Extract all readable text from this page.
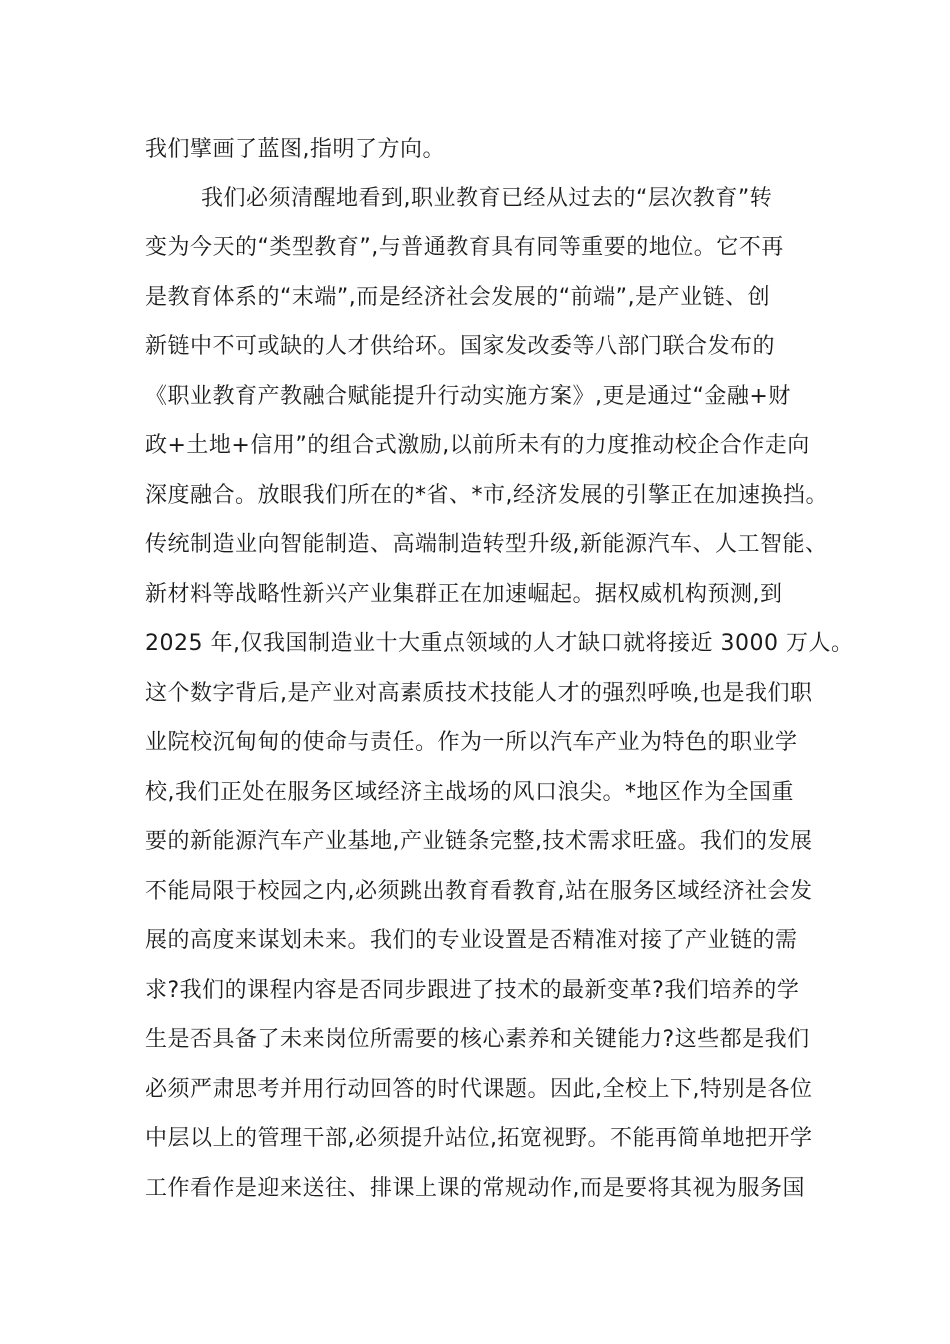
我们擘画了蓝图,指明了方向。

我们必须清醒地看到,职业教育已经从过去的“层次教育”转

变为今天的“类型教育”,与普通教育具有同等重要的地位。它不再

是教育体系的“末端”,而是经济社会发展的“前端”,是产业链、创

新链中不可或缺的人才供给环。国家发改委等八部门联合发布的

《职业教育产教融合赋能提升行动实施方案》,更是通过“金融+财

政+土地+信用”的组合式激励,以前所未有的力度推动校企合作走向

深度融合。放眼我们所在的*省、*市,经济发展的引擎正在加速换挡。

传统制造业向智能制造、高端制造转型升级,新能源汽车、人工智能、

新材料等战略性新兴产业集群正在加速崛起。据权威机构预测,到

2025 年,仅我国制造业十大重点领域的人才缺口就将接近 3000 万人。

这个数字背后,是产业对高素质技术技能人才的强烈呼唤,也是我们职

业院校沉甸甸的使命与责任。作为一所以汽车产业为特色的职业学

校,我们正处在服务区域经济主战场的风口浪尖。*地区作为全国重

要的新能源汽车产业基地,产业链条完整,技术需求旺盛。我们的发展

不能局限于校园之内,必须跳出教育看教育,站在服务区域经济社会发

展的高度来谋划未来。我们的专业设置是否精准对接了产业链的需

求?我们的课程内容是否同步跟进了技术的最新变革?我们培养的学

生是否具备了未来岗位所需要的核心素养和关键能力?这些都是我们

必须严肃思考并用行动回答的时代课题。因此,全校上下,特别是各位

中层以上的管理干部,必须提升站位,拓宽视野。不能再简单地把开学

工作看作是迎来送往、排课上课的常规动作,而是要将其视为服务国
